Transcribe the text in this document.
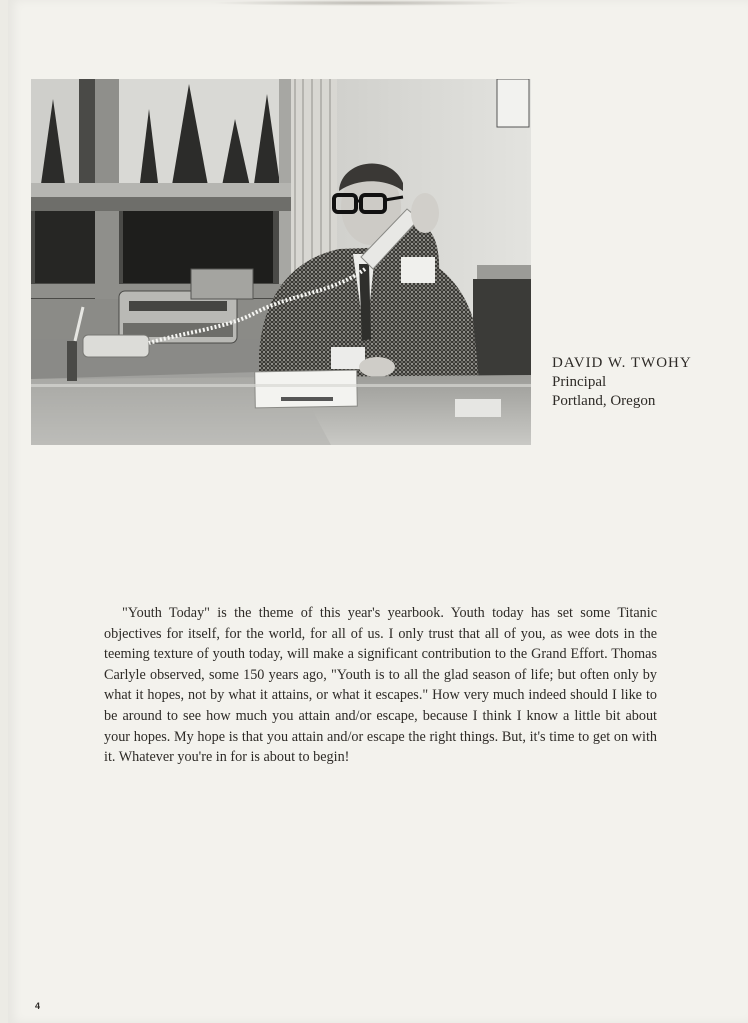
DAVID W. TWOHY
Principal
Portland, Oregon

"Youth Today" is the theme of this year's yearbook. Youth today has set some Titanic objectives for itself, for the world, for all of us. I only trust that all of you, as wee dots in the teeming texture of youth today, will make a significant contribution to the Grand Effort. Thomas Carlyle observed, some 150 years ago, "Youth is to all the glad season of life; but often only by what it hopes, not by what it attains, or what it escapes." How very much indeed should I like to be around to see how much you attain and/or escape, because I think I know a little bit about your hopes. My hope is that you attain and/or escape the right things. But, it's time to get on with it. Whatever you're in for is about to begin!

4
